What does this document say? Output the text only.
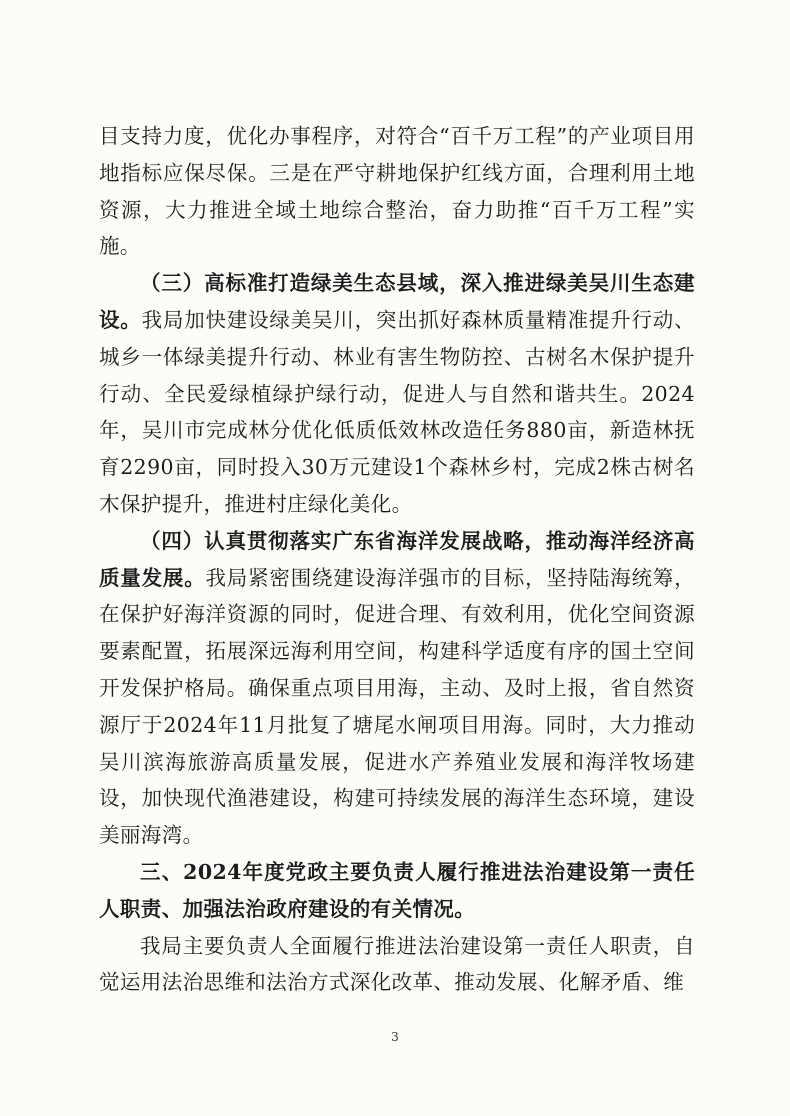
目支持力度，优化办事程序，对符合“百千万工程”的产业项目用地指标应保尽保。三是在严守耕地保护红线方面，合理利用土地资源，大力推进全域土地综合整治，奋力助推“百千万工程”实施。

（三）高标准打造绿美生态县域，深入推进绿美吴川生态建设。我局加快建设绿美吴川，突出抓好森林质量精准提升行动、城乡一体绿美提升行动、林业有害生物防控、古树名木保护提升行动、全民爱绿植绿护绿行动，促进人与自然和谐共生。2024年，吴川市完成林分优化低质低效林改造任务880亩，新造林抚育2290亩，同时投入30万元建设1个森林乡村，完成2株古树名木保护提升，推进村庄绿化美化。

（四）认真贯彻落实广东省海洋发展战略，推动海洋经济高质量发展。我局紧密围绕建设海洋强市的目标，坚持陆海统筹，在保护好海洋资源的同时，促进合理、有效利用，优化空间资源要素配置，拓展深远海利用空间，构建科学适度有序的国土空间开发保护格局。确保重点项目用海，主动、及时上报，省自然资源厅于2024年11月批复了塘尾水闸项目用海。同时，大力推动吴川滨海旅游高质量发展，促进水产养殖业发展和海洋牧场建设，加快现代渔港建设，构建可持续发展的海洋生态环境，建设美丽海湾。

三、2024年度党政主要负责人履行推进法治建设第一责任人职责、加强法治政府建设的有关情况。

我局主要负责人全面履行推进法治建设第一责任人职责，自觉运用法治思维和法治方式深化改革、推动发展、化解矛盾、维

3
